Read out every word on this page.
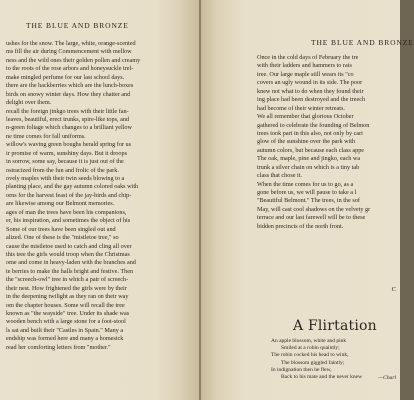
THE BLUE AND BRONZE

ushes for the snow. The large, white, orange-scented
ms fill the air during Commencement with mellow
ness and the wild ones their golden pollen and creamy
to the roots of the rose arbors and honeysuckle trel-
make mingled perfume for our last school days.
there are the hackberries which are the lunch-boxes
birds on snowy winter days. How they chatter and
delight over them.
recall the foreign jinkgo trees with their little fan-
leaves, beautiful, erect trunks, spire-like tops, and
n-green foliage which changes to a brilliant yellow
ne time comes for fall uniforms.
willow's waving green boughs herald spring for us
ir promise of warm, sunshiny days. But it droops
in sorrow, some say, because it is just out of the
ostracized from the fun and frolic of the park.
ovely maples with their twin seeds blowing to a
planting place, and the gay autumn colored oaks with
orns for the harvest feast of the jay-birds and chip-
are likewise among our Belmont memories.
ages of man the trees have been his companions,
er, his inspiration, and sometimes the object of his
Some of our trees have been singled out and
alized. One of these is the "mistletoe tree," so
cause the mistletoe used to catch and cling all over
this tree the girls would troop when the Christmas
ome and come in heavy-laden with the branches and
te berries to make the halls bright and festive. Then
the "screech-owl" tree in which a pair of screech-
their nest. How frightened the girls were by their
in the deepening twilight as they ran on their way
om the chapter houses. Some will recall the tree
known as "the wayside" tree. Under its shade was
wooden bench with a large stone for a foot-stool
ls sat and built their "Castles in Spain." Many a
endship was formed here and many a homesick
read her comforting letters from "mother."

THE BLUE AND BRONZE

Once in the cold days of February the tre
with their ladders and hammers to rais
tree. Our large maple still wears its "co
covers an ugly wound in its side. The poor
knew not what to do when they found their
ing place had been destroyed and the treech
had become of their winter retreats.
We all remember that glorious October
gathered to celebrate the founding of Belmon
trees took part in this also, not only by cari
glow of the sunshine over the park with
autumn colors, but because each class appe
The oak, maple, pine and jingko, each wa
trunk a silver chain on which is a tiny tab
class that chose it.
When the time comes for us to go, as a
gone before us, we will pause to take a l
"Beautiful Belmont." The trees, in the sof
May, will cast cool shadows on the velvety gr
terrace and our last farewell will be to these
bidden precincts of the north front.

C

A Flirtation
An apple blossom, white and pink
Smiled at a robin quaintly;
The robin cocked his head to wink,
The blossom giggled faintly;
In indignation then he flew,
Back to his mate and the never knew	—Charl
